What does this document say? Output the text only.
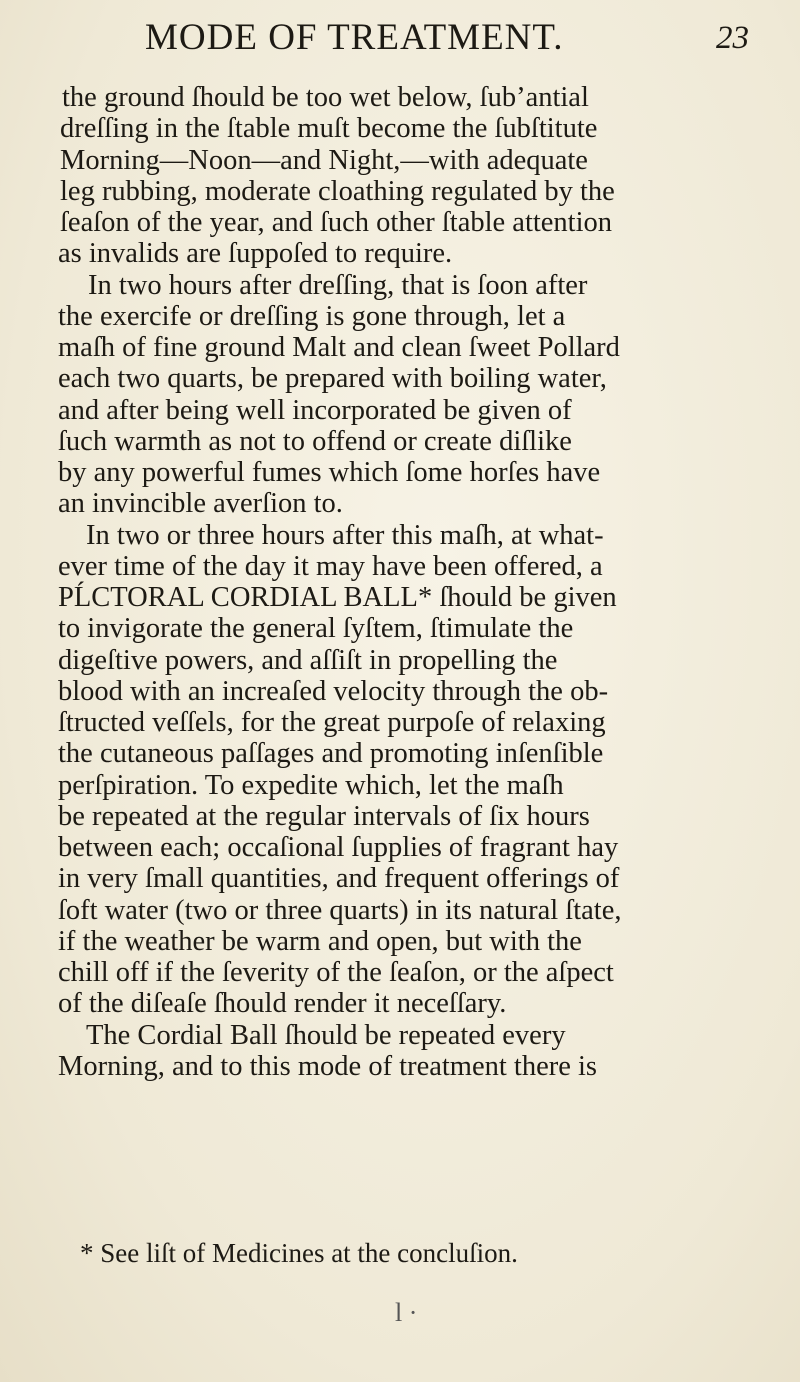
MODE OF TREATMENT.	23
the ground ſhould be too wet below, ſub’antial
dreſſing in the ſtable muſt become the ſubſtitute
Morning—Noon—and Night,—with adequate
leg rubbing, moderate cloathing regulated by the
ſeaſon of the year, and ſuch other ſtable attention
as invalids are ſuppoſed to require.
In two hours after dreſſing, that is ſoon after
the exercife or dreſſing is gone through, let a
maſh of fine ground Malt and clean ſweet Pollard
each two quarts, be prepared with boiling water,
and after being well incorporated be given of
ſuch warmth as not to offend or create diſlike
by any powerful fumes which ſome horſes have
an invincible averſion to.
In two or three hours after this maſh, at what-
ever time of the day it may have been offered, a
PĹCTORAL CORDIAL BALL* ſhould be given
to invigorate the general ſyſtem, ſtimulate the
digeſtive powers, and aſſiſt in propelling the
blood with an increaſed velocity through the ob-
ſtructed veſſels, for the great purpoſe of relaxing
the cutaneous paſſages and promoting inſenſible
perſpiration. To expedite which, let the maſh
be repeated at the regular intervals of ſix hours
between each; occaſional ſupplies of fragrant hay
in very ſmall quantities, and frequent offerings of
ſoft water (two or three quarts) in its natural ſtate,
if the weather be warm and open, but with the
chill off if the ſeverity of the ſeaſon, or the aſpect
of the diſeaſe ſhould render it neceſſary.
The Cordial Ball ſhould be repeated every
Morning, and to this mode of treatment there is
* See liſt of Medicines at the concluſion.
l ·
